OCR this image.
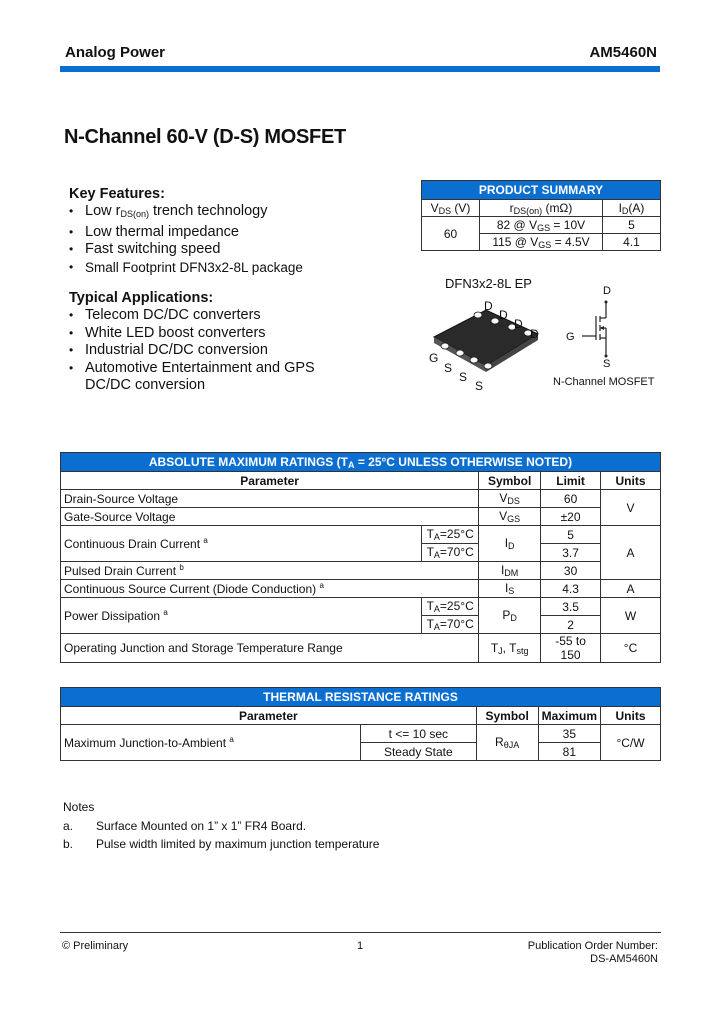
Analog Power	AM5460N
N-Channel 60-V (D-S) MOSFET
Key Features:
• Low $r_{DS(on)}$ trench technology
• Low thermal impedance
• Fast switching speed
• Small Footprint DFN3x2-8L package
Typical Applications:
• Telecom DC/DC converters
• White LED boost converters
• Industrial DC/DC conversion
• Automotive Entertainment and GPS DC/DC conversion
PRODUCT SUMMARY		
$V_{DS}$ (V)	$r_{DS(on)}$ (mΩ)	$I_D(A)$
60	82 @ $V_{GS} = 10V$	5
	115 @ $V_{GS} = 4.5V$	4.1
DFN3x2-8L EP
D
D
D
D
G
S
S
S
D
G
S
N-Channel MOSFET
ABSOLUTE MAXIMUM RATINGS ($T_A = 25^\circ C$ UNLESS OTHERWISE NOTED)				
Parameter		Symbol	Limit	Units
Drain-Source Voltage		$V_{DS}$	60	V
Gate-Source Voltage		$V_{GS}$	±20	
Continuous Drain Current $^a$	$T_A=25^\circ C$	$I_D$	5	A
	$T_A=70^\circ C$		3.7	
Pulsed Drain Current $^b$		$I_{DM}$	30	
Continuous Source Current (Diode Conduction) $^a$		$I_S$	4.3	A
Power Dissipation $^a$	$T_A=25^\circ C$	$P_D$	3.5	W
	$T_A=70^\circ C$		2	
Operating Junction and Storage Temperature Range		$T_J$, $T_{stg}$	-55 to 150	°C
THERMAL RESISTANCE RATINGS				
Parameter		Symbol	Maximum	Units
Maximum Junction-to-Ambient $^a$	t <= 10 sec	$R_{\theta JA}$	35	°C/W
	Steady State		81	
Notes
a.	Surface Mounted on 1” x 1” FR4 Board.
b.	Pulse width limited by maximum junction temperature
© Preliminary	1	Publication Order Number:
DS-AM5460N
